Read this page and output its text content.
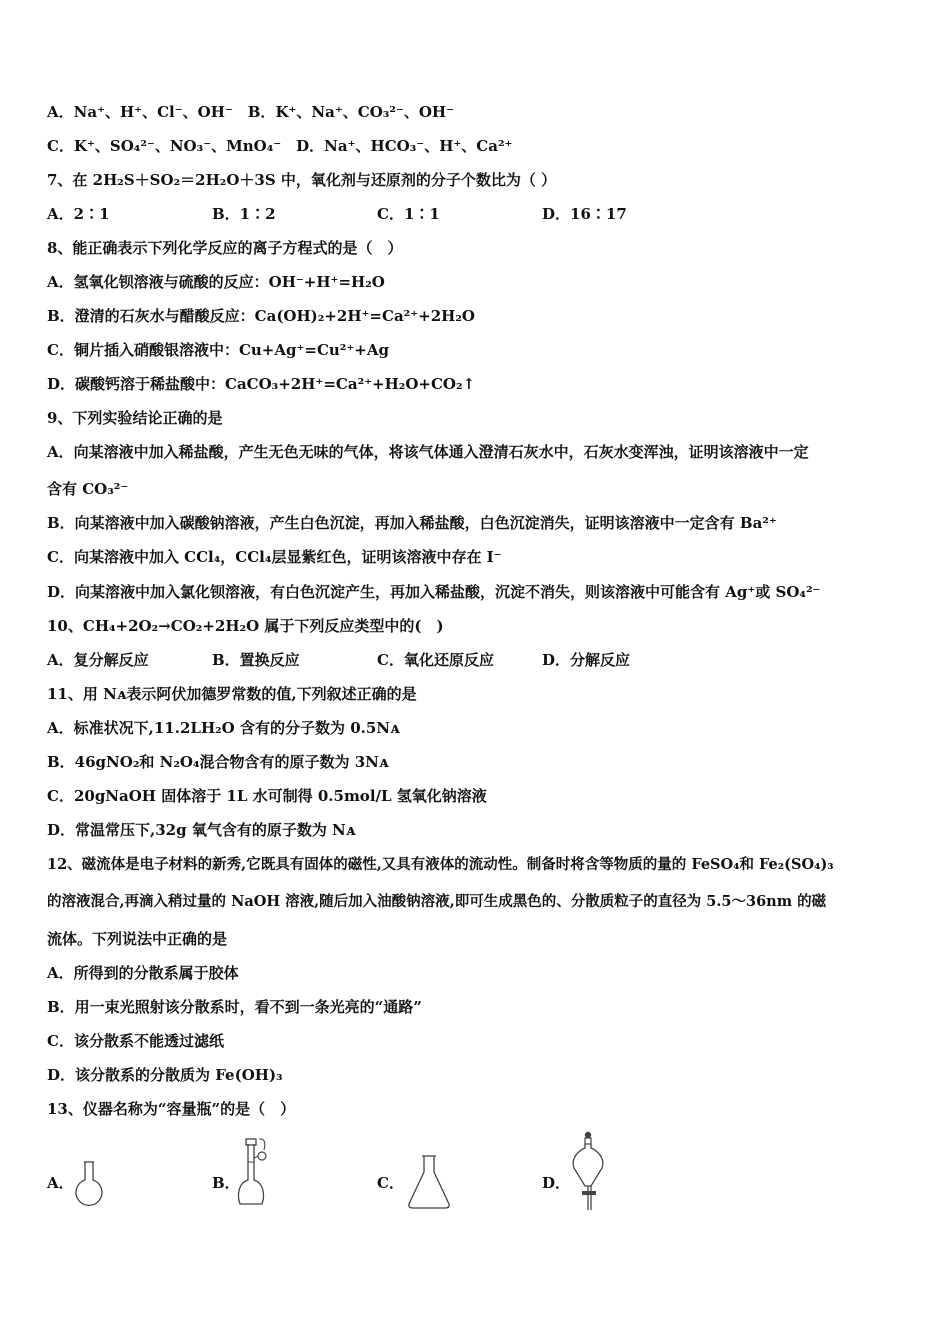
A．Na⁺、H⁺、Cl⁻、OH⁻　B．K⁺、Na⁺、CO₃²⁻、OH⁻
C．K⁺、SO₄²⁻、NO₃⁻、MnO₄⁻　D．Na⁺、HCO₃⁻、H⁺、Ca²⁺
7、在 2H₂S＋SO₂＝2H₂O＋3S 中，氧化剂与还原剂的分子个数比为（ ）
A．2∶1	B．1∶2	C．1∶1	D．16∶17
8、能正确表示下列化学反应的离子方程式的是（　）
A．氢氧化钡溶液与硫酸的反应：OH⁻+H⁺=H₂O
B．澄清的石灰水与醋酸反应：Ca(OH)₂+2H⁺=Ca²⁺+2H₂O
C．铜片插入硝酸银溶液中：Cu+Ag⁺=Cu²⁺+Ag
D．碳酸钙溶于稀盐酸中：CaCO₃+2H⁺=Ca²⁺+H₂O+CO₂↑
9、下列实验结论正确的是
A．向某溶液中加入稀盐酸，产生无色无味的气体，将该气体通入澄清石灰水中，石灰水变浑浊，证明该溶液中一定
含有 CO₃²⁻
B．向某溶液中加入碳酸钠溶液，产生白色沉淀，再加入稀盐酸，白色沉淀消失，证明该溶液中一定含有 Ba²⁺
C．向某溶液中加入 CCl₄，CCl₄层显紫红色，证明该溶液中存在 I⁻
D．向某溶液中加入氯化钡溶液，有白色沉淀产生，再加入稀盐酸，沉淀不消失，则该溶液中可能含有 Ag⁺或 SO₄²⁻
10、CH₄+2O₂→CO₂+2H₂O 属于下列反应类型中的(　)
A．复分解反应	B．置换反应	C．氧化还原反应	D．分解反应
11、用 Nᴀ表示阿伏加德罗常数的值,下列叙述正确的是
A．标准状况下,11.2LH₂O 含有的分子数为 0.5Nᴀ
B．46gNO₂和 N₂O₄混合物含有的原子数为 3Nᴀ
C．20gNaOH 固体溶于 1L 水可制得 0.5mol/L 氢氧化钠溶液
D．常温常压下,32g 氧气含有的原子数为 Nᴀ
12、磁流体是电子材料的新秀,它既具有固体的磁性,又具有液体的流动性。制备时将含等物质的量的 FeSO₄和 Fe₂(SO₄)₃
的溶液混合,再滴入稍过量的 NaOH 溶液,随后加入油酸钠溶液,即可生成黑色的、分散质粒子的直径为 5.5～36nm 的磁
流体。下列说法中正确的是
A．所得到的分散系属于胶体
B．用一束光照射该分散系时，看不到一条光亮的“通路”
C．该分散系不能透过滤纸
D．该分散系的分散质为 Fe(OH)₃
13、仪器名称为“容量瓶”的是（　）
A．	B．	C．	D．
